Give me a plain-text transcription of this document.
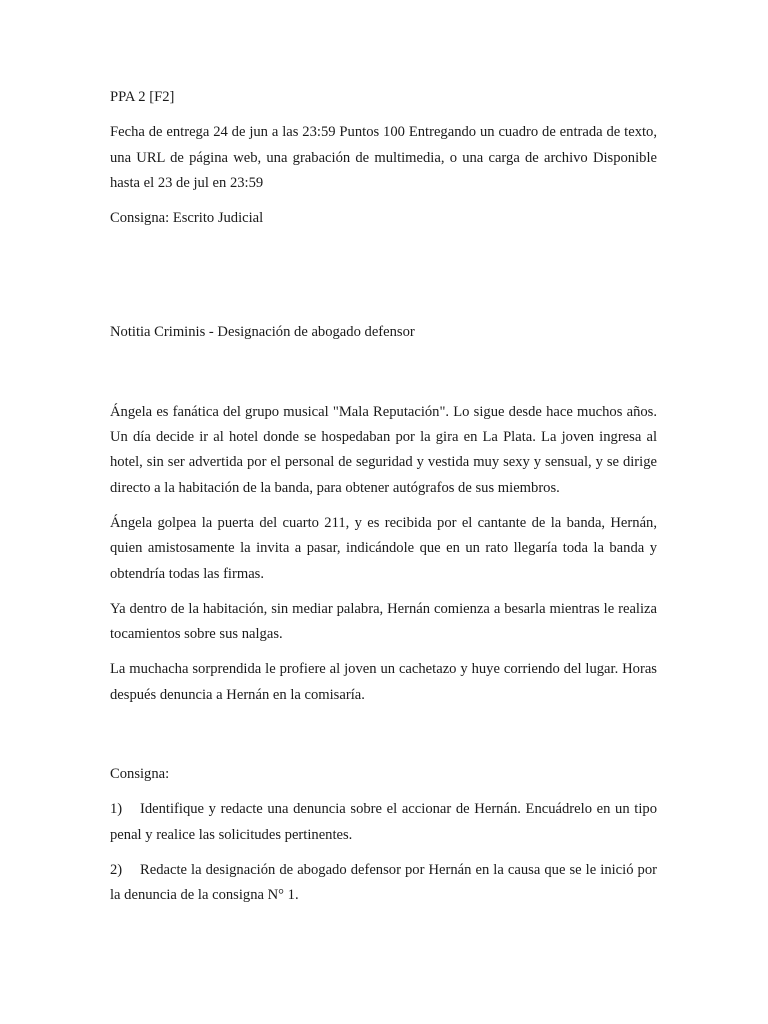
PPA 2 [F2]

Fecha de entrega 24 de jun a las 23:59 Puntos 100 Entregando un cuadro de entrada de texto, una URL de página web, una grabación de multimedia, o una carga de archivo Disponible hasta el 23 de jul en 23:59

Consigna: Escrito Judicial

Notitia Criminis - Designación de abogado defensor

Ángela es fanática del grupo musical "Mala Reputación". Lo sigue desde hace muchos años. Un día decide ir al hotel donde se hospedaban por la gira en La Plata. La joven ingresa al hotel, sin ser advertida por el personal de seguridad y vestida muy sexy y sensual, y se dirige directo a la habitación de la banda, para obtener autógrafos de sus miembros.

Ángela golpea la puerta del cuarto 211, y es recibida por el cantante de la banda, Hernán, quien amistosamente la invita a pasar, indicándole que en un rato llegaría toda la banda y obtendría todas las firmas.

Ya dentro de la habitación, sin mediar palabra, Hernán comienza a besarla mientras le realiza tocamientos sobre sus nalgas.

La muchacha sorprendida le profiere al joven un cachetazo y huye corriendo del lugar. Horas después denuncia a Hernán en la comisaría.

Consigna:

1) Identifique y redacte una denuncia sobre el accionar de Hernán. Encuádrelo en un tipo penal y realice las solicitudes pertinentes.

2) Redacte la designación de abogado defensor por Hernán en la causa que se le inició por la denuncia de la consigna N° 1.
